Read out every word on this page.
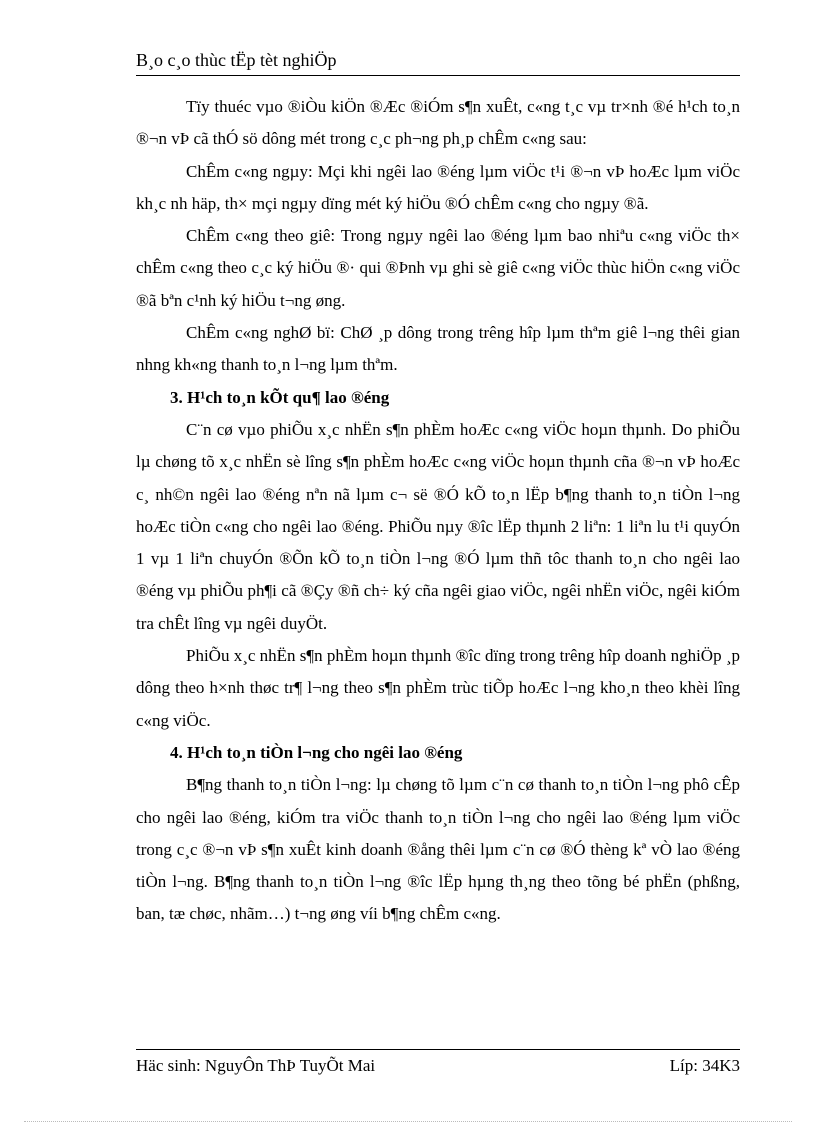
B¸o c¸o thùc tËp tèt nghiÖp

Tïy thuéc vµo ®iÒu kiÖn ®Æc ®iÓm s¶n xuÊt, c«ng t¸c vµ tr×nh ®é h¹ch to¸n ®¬n vÞ cã thÓ sö dông mét trong c¸c ph¬ng ph¸p chÊm c«ng sau:

ChÊm c«ng ngµy: Mçi khi ngêi lao ®éng lµm viÖc t¹i ®¬n vÞ hoÆc lµm viÖc kh¸c nh häp, th× mçi ngµy dïng mét ký hiÖu ®Ó chÊm c«ng cho ngµy ®ã.

ChÊm c«ng theo giê: Trong ngµy ngêi lao ®éng lµm bao nhiªu c«ng viÖc th× chÊm c«ng theo c¸c ký hiÖu ®· qui ®Þnh vµ ghi sè giê c«ng viÖc thùc hiÖn c«ng viÖc ®ã bªn c¹nh ký hiÖu t¬ng øng.

ChÊm c«ng nghØ bï: ChØ ¸p dông trong trêng hîp lµm thªm giê l¬ng thêi gian nhng kh«ng thanh to¸n l¬ng lµm thªm.

3. H¹ch to¸n kÕt qu¶ lao ®éng

C¨n cø vµo phiÕu x¸c nhËn s¶n phÈm hoÆc c«ng viÖc hoµn thµnh. Do phiÕu lµ chøng tõ x¸c nhËn sè lîng s¶n phÈm hoÆc c«ng viÖc hoµn thµnh cña ®¬n vÞ hoÆc c¸ nh©n ngêi lao ®éng nªn nã lµm c¬ së ®Ó kÕ to¸n lËp b¶ng thanh to¸n tiÒn l¬ng hoÆc tiÒn c«ng cho ngêi lao ®éng. PhiÕu nµy ®îc lËp thµnh 2 liªn: 1 liªn lu t¹i quyÓn 1 vµ 1 liªn chuyÓn ®Õn kÕ to¸n tiÒn l¬ng ®Ó lµm thñ tôc thanh to¸n cho ngêi lao ®éng vµ phiÕu ph¶i cã ®Çy ®ñ ch÷ ký cña ngêi giao viÖc, ngêi nhËn viÖc, ngêi kiÓm tra chÊt lîng vµ ngêi duyÖt.

PhiÕu x¸c nhËn s¶n phÈm hoµn thµnh ®îc dïng trong trêng hîp doanh nghiÖp ¸p dông theo h×nh thøc tr¶ l¬ng theo s¶n phÈm trùc tiÕp hoÆc l¬ng kho¸n theo khèi lîng c«ng viÖc.

4. H¹ch to¸n tiÒn l¬ng cho ngêi lao ®éng

B¶ng thanh to¸n tiÒn l¬ng: lµ chøng tõ lµm c¨n cø thanh to¸n tiÒn l¬ng phô cÊp cho ngêi lao ®éng, kiÓm tra viÖc thanh to¸n tiÒn l¬ng cho ngêi lao ®éng lµm viÖc trong c¸c ®¬n vÞ s¶n xuÊt kinh doanh ®ång thêi lµm c¨n cø ®Ó thèng kª vÒ lao ®éng tiÒn l¬ng. B¶ng thanh to¸n tiÒn l¬ng ®îc lËp hµng th¸ng theo tõng bé phËn (phßng, ban, tæ chøc, nhãm…) t¬ng øng víi b¶ng chÊm c«ng.

Häc sinh: NguyÔn ThÞ TuyÕt Mai	Líp: 34K3
